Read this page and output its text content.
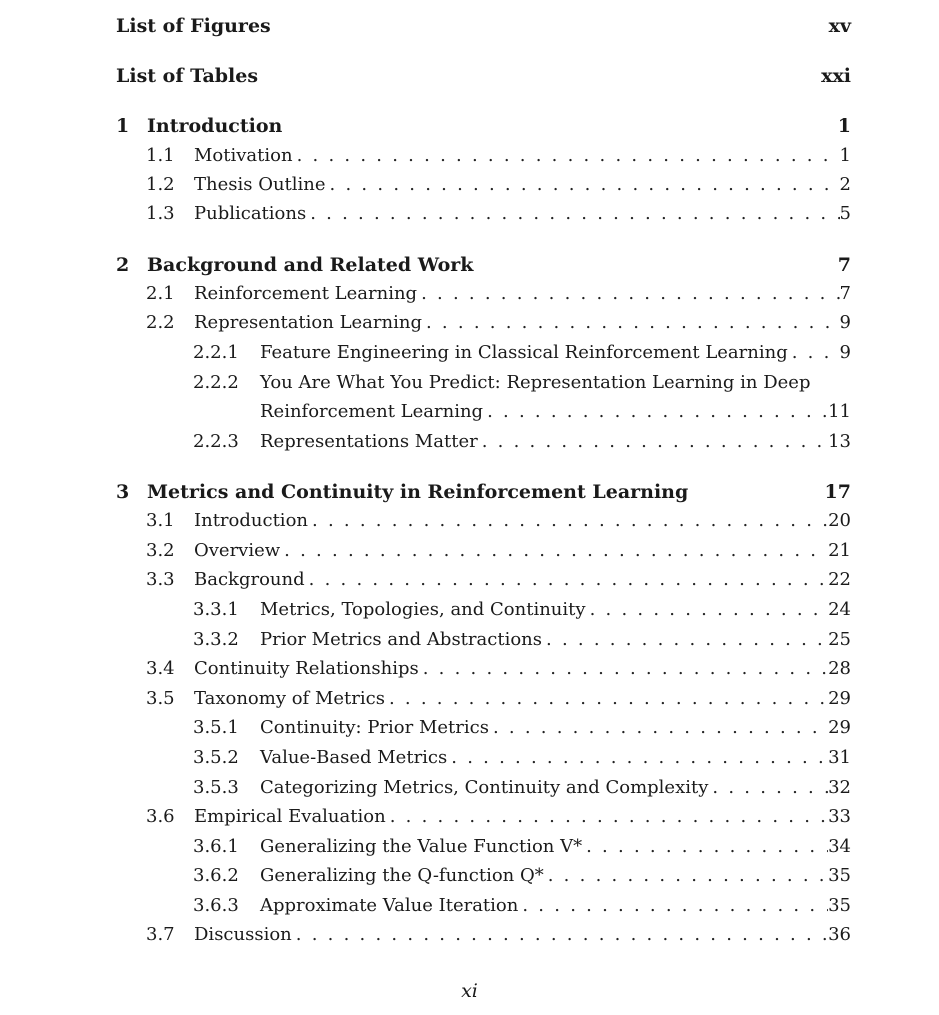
List of Figures	xv
List of Tables	xxi
1 Introduction	1
1.1	Motivation . . .	1
1.2	Thesis Outline . . .	2
1.3	Publications . . .	5
2 Background and Related Work	7
2.1	Reinforcement Learning . . .	7
2.2	Representation Learning . . .	9
2.2.1	Feature Engineering in Classical Reinforcement Learning . . .	9
2.2.2	You Are What You Predict: Representation Learning in Deep
Reinforcement Learning . . .	11
2.2.3	Representations Matter . . .	13
3 Metrics and Continuity in Reinforcement Learning	17
3.1	Introduction . . .	20
3.2	Overview . . .	21
3.3	Background . . .	22
3.3.1	Metrics, Topologies, and Continuity . . .	24
3.3.2	Prior Metrics and Abstractions . . .	25
3.4	Continuity Relationships . . .	28
3.5	Taxonomy of Metrics . . .	29
3.5.1	Continuity: Prior Metrics . . .	29
3.5.2	Value-Based Metrics . . .	31
3.5.3	Categorizing Metrics, Continuity and Complexity . . .	32
3.6	Empirical Evaluation . . .	33
3.6.1	Generalizing the Value Function V* . . .	34
3.6.2	Generalizing the Q-function Q* . . .	35
3.6.3	Approximate Value Iteration . . .	35
3.7	Discussion . . .	36
xi
